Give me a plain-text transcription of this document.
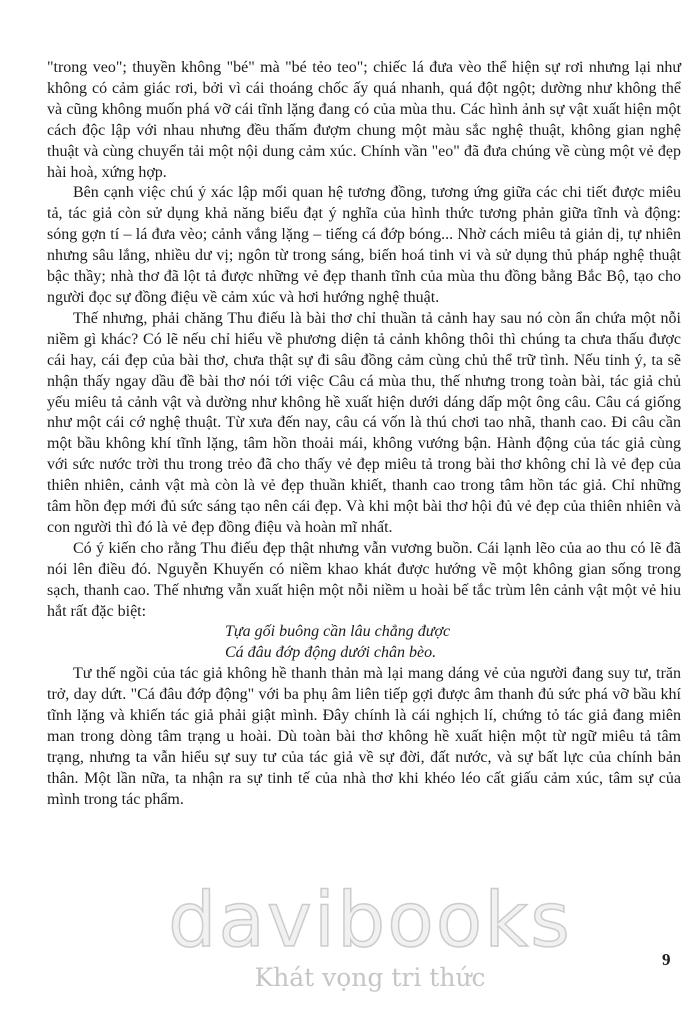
"trong veo"; thuyền không "bé" mà "bé tẻo teo"; chiếc lá đưa vèo thể hiện sự rơi nhưng lại như không có cảm giác rơi, bởi vì cái thoáng chốc ấy quá nhanh, quá đột ngột; dường như không thể và cũng không muốn phá vỡ cái tĩnh lặng đang có của mùa thu. Các hình ảnh sự vật xuất hiện một cách độc lập với nhau nhưng đều thấm đượm chung một màu sắc nghệ thuật, không gian nghệ thuật và cùng chuyển tải một nội dung cảm xúc. Chính vần "eo" đã đưa chúng về cùng một vẻ đẹp hài hoà, xứng hợp.

Bên cạnh việc chú ý xác lập mối quan hệ tương đồng, tương ứng giữa các chi tiết được miêu tả, tác giả còn sử dụng khả năng biểu đạt ý nghĩa của hình thức tương phản giữa tĩnh và động: sóng gợn tí – lá đưa vèo; cảnh vắng lặng – tiếng cá đớp bóng... Nhờ cách miêu tả giản dị, tự nhiên nhưng sâu lắng, nhiều dư vị; ngôn từ trong sáng, biến hoá tinh vi và sử dụng thủ pháp nghệ thuật bậc thầy; nhà thơ đã lột tả được những vẻ đẹp thanh tĩnh của mùa thu đồng bằng Bắc Bộ, tạo cho người đọc sự đồng điệu về cảm xúc và hơi hướng nghệ thuật.

Thế nhưng, phải chăng Thu điếu là bài thơ chỉ thuần tả cảnh hay sau nó còn ẩn chứa một nỗi niềm gì khác? Có lẽ nếu chỉ hiểu về phương diện tả cảnh không thôi thì chúng ta chưa thấu được cái hay, cái đẹp của bài thơ, chưa thật sự đi sâu đồng cảm cùng chủ thể trữ tình. Nếu tinh ý, ta sẽ nhận thấy ngay dầu đề bài thơ nói tới việc Câu cá mùa thu, thế nhưng trong toàn bài, tác giả chủ yếu miêu tả cảnh vật và dường như không hề xuất hiện dưới dáng dấp một ông câu. Câu cá giống như một cái cớ nghệ thuật. Từ xưa đến nay, câu cá vốn là thú chơi tao nhã, thanh cao. Đi câu cần một bầu không khí tĩnh lặng, tâm hồn thoải mái, không vướng bận. Hành động của tác giả cùng với sức nước trời thu trong trẻo đã cho thấy vẻ đẹp miêu tả trong bài thơ không chỉ là vẻ đẹp của thiên nhiên, cảnh vật mà còn là vẻ đẹp thuần khiết, thanh cao trong tâm hồn tác giả. Chỉ những tâm hồn đẹp mới đủ sức sáng tạo nên cái đẹp. Và khi một bài thơ hội đủ vẻ đẹp của thiên nhiên và con người thì đó là vẻ đẹp đồng điệu và hoàn mĩ nhất.

Có ý kiến cho rằng Thu điếu đẹp thật nhưng vẫn vương buồn. Cái lạnh lẽo của ao thu có lẽ đã nói lên điều đó. Nguyễn Khuyến có niềm khao khát được hướng về một không gian sống trong sạch, thanh cao. Thế nhưng vẫn xuất hiện một nỗi niềm u hoài bế tắc trùm lên cảnh vật một vẻ hiu hắt rất đặc biệt:

Tựa gối buông cần lâu chẳng được

Cá đâu đớp động dưới chân bèo.

Tư thế ngồi của tác giả không hề thanh thản mà lại mang dáng vẻ của người đang suy tư, trăn trở, day dứt. "Cá đâu đớp động" với ba phụ âm liên tiếp gợi được âm thanh đủ sức phá vỡ bầu khí tĩnh lặng và khiến tác giả phải giật mình. Đây chính là cái nghịch lí, chứng tỏ tác giả đang miên man trong dòng tâm trạng u hoài. Dù toàn bài thơ không hề xuất hiện một từ ngữ miêu tả tâm trạng, nhưng ta vẫn hiểu sự suy tư của tác giả về sự đời, đất nước, và sự bất lực của chính bản thân. Một lần nữa, ta nhận ra sự tinh tế của nhà thơ khi khéo léo cất giấu cảm xúc, tâm sự của mình trong tác phẩm.

davibooks
Khát vọng tri thức
9
